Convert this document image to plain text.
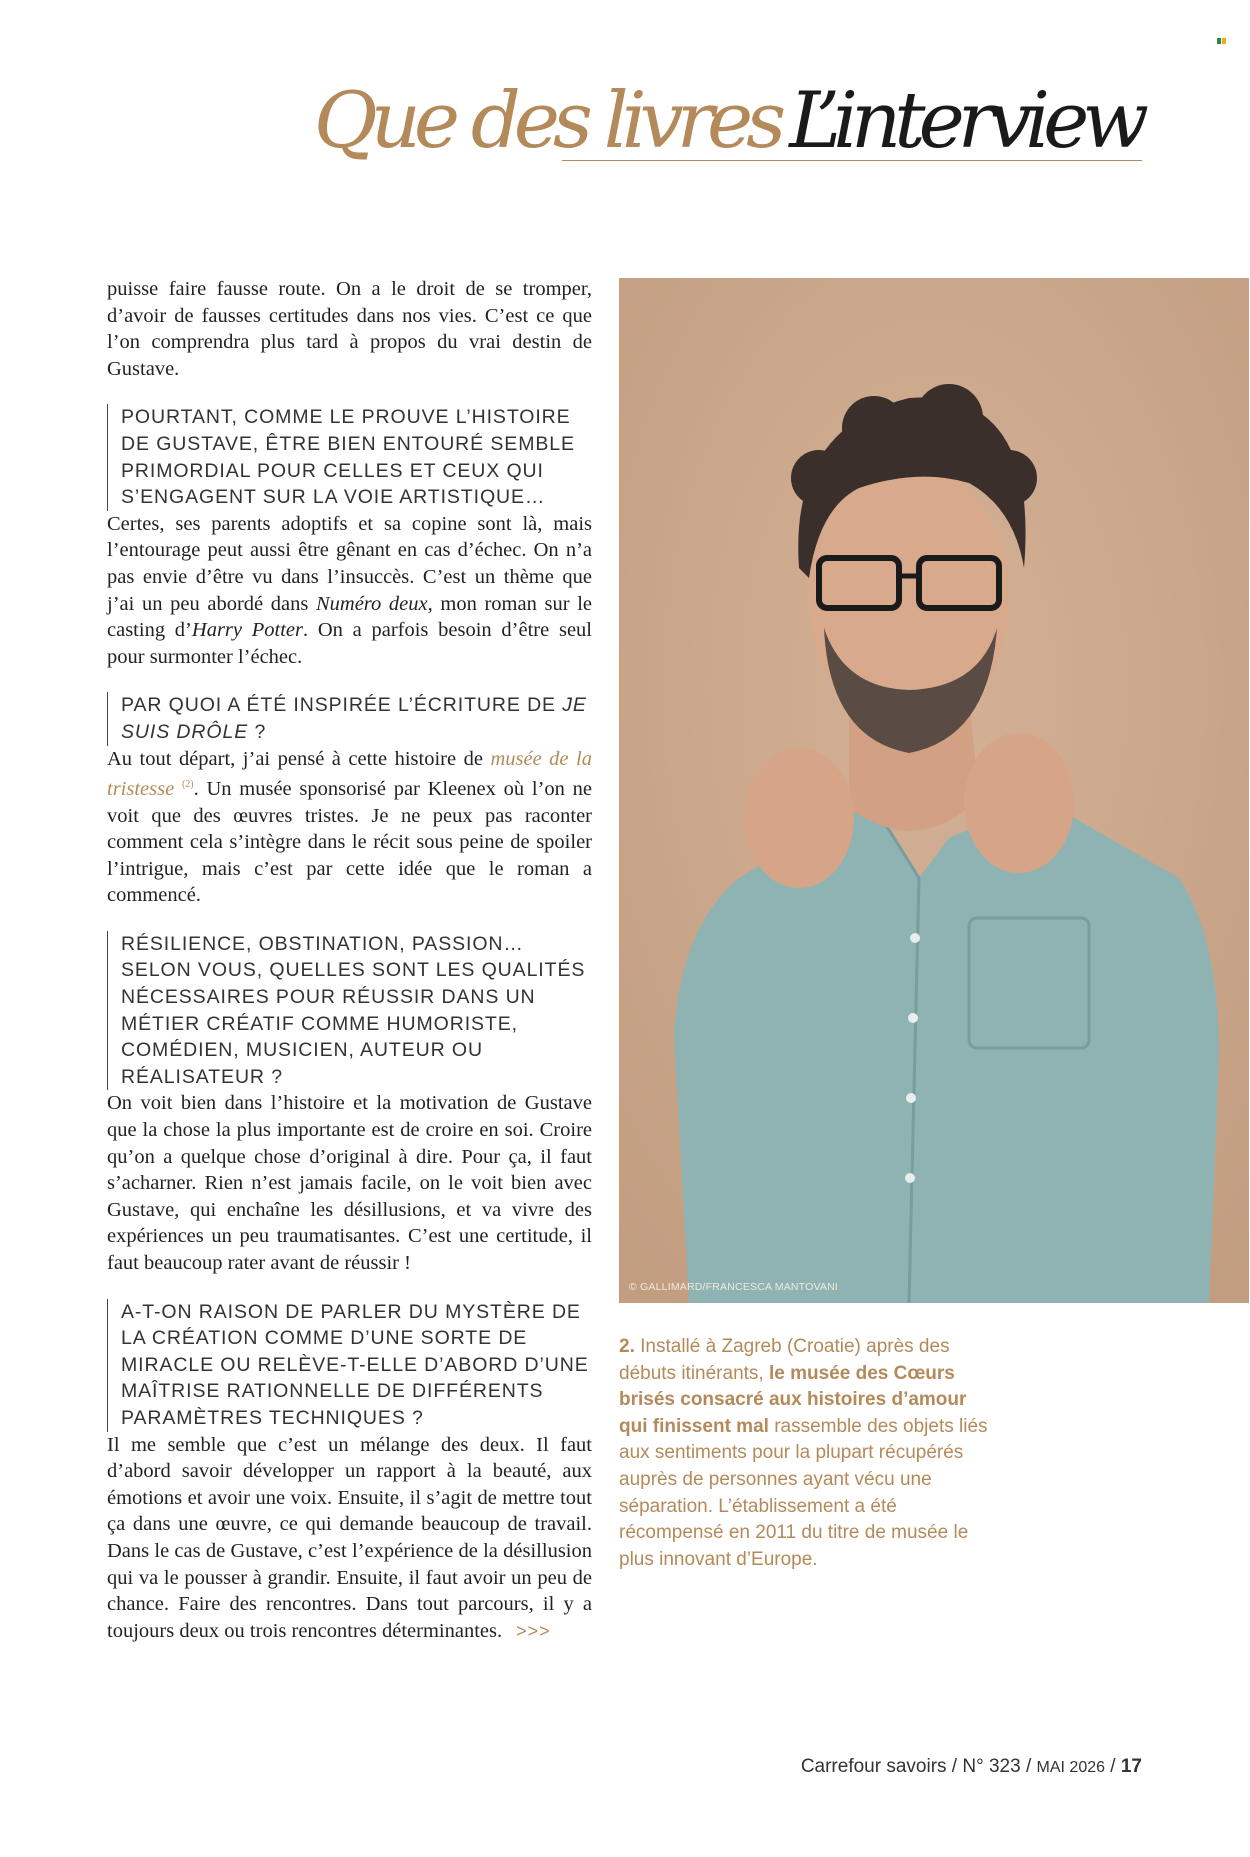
Que des livres L’interview

puisse faire fausse route. On a le droit de se tromper, d’avoir de fausses certitudes dans nos vies. C’est ce que l’on comprendra plus tard à propos du vrai destin de Gustave.

POURTANT, COMME LE PROUVE L’HISTOIRE DE GUSTAVE, ÊTRE BIEN ENTOURÉ SEMBLE PRIMORDIAL POUR CELLES ET CEUX QUI S’ENGAGENT SUR LA VOIE ARTISTIQUE…

Certes, ses parents adoptifs et sa copine sont là, mais l’entourage peut aussi être gênant en cas d’échec. On n’a pas envie d’être vu dans l’insuccès. C’est un thème que j’ai un peu abordé dans Numéro deux, mon roman sur le casting d’Harry Potter. On a parfois besoin d’être seul pour surmonter l’échec.

PAR QUOI A ÉTÉ INSPIRÉE L’ÉCRITURE DE JE SUIS DRÔLE ?

Au tout départ, j’ai pensé à cette histoire de musée de la tristesse $^{(2)}$. Un musée sponsorisé par Kleenex où l’on ne voit que des œuvres tristes. Je ne peux pas raconter comment cela s’intègre dans le récit sous peine de spoiler l’intrigue, mais c’est par cette idée que le roman a commencé.

RÉSILIENCE, OBSTINATION, PASSION… SELON VOUS, QUELLES SONT LES QUALITÉS NÉCESSAIRES POUR RÉUSSIR DANS UN MÉTIER CRÉATIF COMME HUMORISTE, COMÉDIEN, MUSICIEN, AUTEUR OU RÉALISATEUR ?

On voit bien dans l’histoire et la motivation de Gustave que la chose la plus importante est de croire en soi. Croire qu’on a quelque chose d’original à dire. Pour ça, il faut s’acharner. Rien n’est jamais facile, on le voit bien avec Gustave, qui enchaîne les désillusions, et va vivre des expériences un peu traumatisantes. C’est une certitude, il faut beaucoup rater avant de réussir !

A-T-ON RAISON DE PARLER DU MYSTÈRE DE LA CRÉATION COMME D’UNE SORTE DE MIRACLE OU RELÈVE-T-ELLE D’ABORD D’UNE MAÎTRISE RATIONNELLE DE DIFFÉRENTS PARAMÈTRES TECHNIQUES ?

Il me semble que c’est un mélange des deux. Il faut d’abord savoir développer un rapport à la beauté, aux émotions et avoir une voix. Ensuite, il s’agit de mettre tout ça dans une œuvre, ce qui demande beaucoup de travail. Dans le cas de Gustave, c’est l’expérience de la désillusion qui va le pousser à grandir. Ensuite, il faut avoir un peu de chance. Faire des rencontres. Dans tout parcours, il y a toujours deux ou trois rencontres déterminantes. >>>

© GALLIMARD/FRANCESCA MANTOVANI

2. Installé à Zagreb (Croatie) après des débuts itinérants, le musée des Cœurs brisés consacré aux histoires d’amour qui finissent mal rassemble des objets liés aux sentiments pour la plupart récupérés auprès de personnes ayant vécu une séparation. L’établissement a été récompensé en 2011 du titre de musée le plus innovant d’Europe.

Carrefour savoirs / N° 323 / MAI 2026 / 17
